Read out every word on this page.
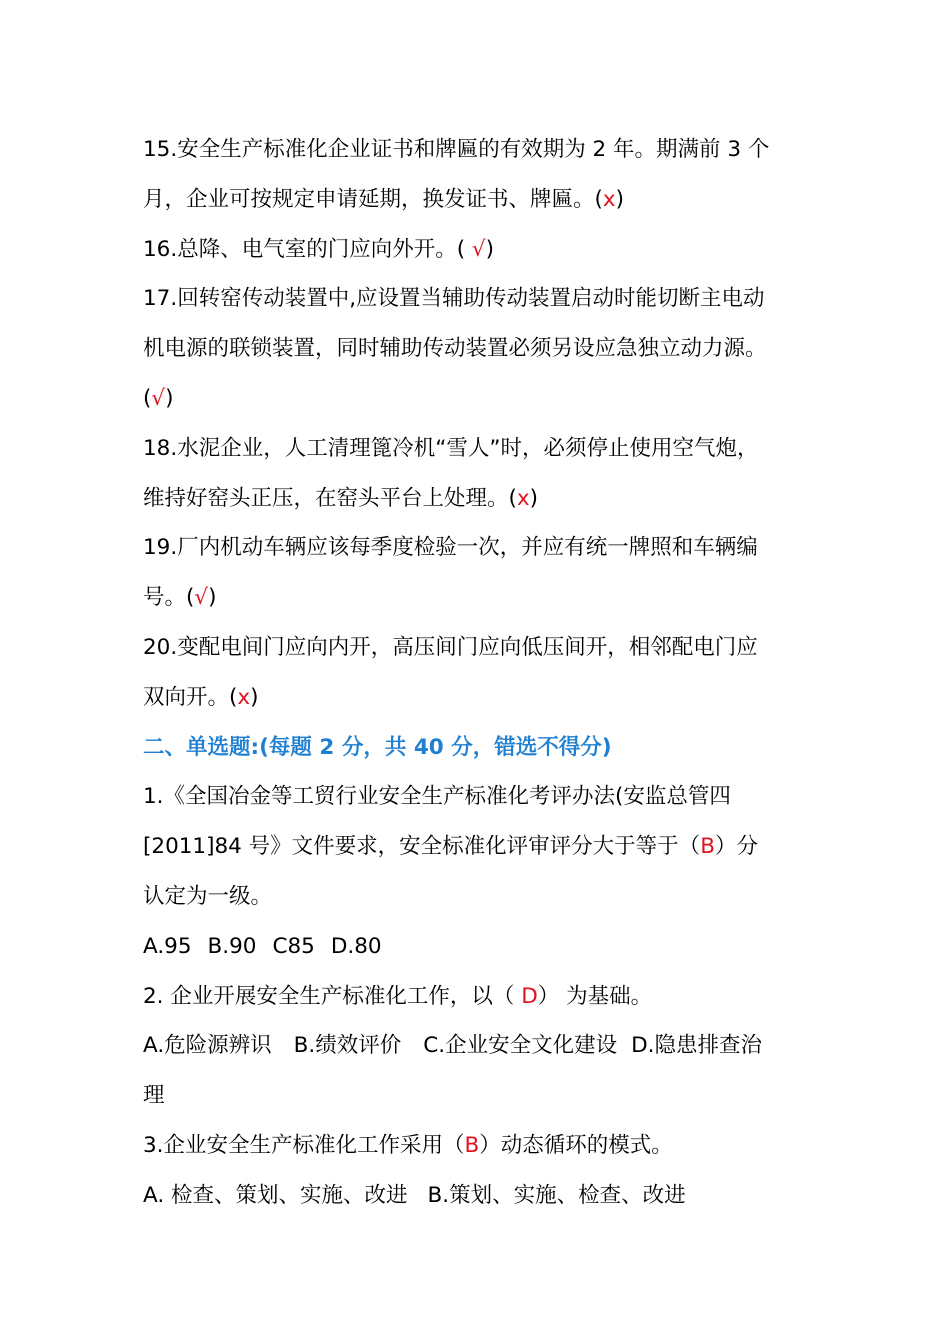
15.安全生产标准化企业证书和牌匾的有效期为 2 年。期满前 3 个
月，企业可按规定申请延期，换发证书、牌匾。(x)
16.总降、电气室的门应向外开。( √)
17.回转窑传动装置中,应设置当辅助传动装置启动时能切断主电动
机电源的联锁装置，同时辅助传动装置必须另设应急独立动力源。
(√)
18.水泥企业，人工清理篦冷机“雪人”时，必须停止使用空气炮，
维持好窑头正压，在窑头平台上处理。(x)
19.厂内机动车辆应该每季度检验一次，并应有统一牌照和车辆编
号。(√)
20.变配电间门应向内开，高压间门应向低压间开，相邻配电门应
双向开。(x)
二、单选题:(每题 2 分，共 40 分，错选不得分)
1.《全国冶金等工贸行业安全生产标准化考评办法(安监总管四
[2011]84 号》文件要求，安全标准化评审评分大于等于（B）分
认定为一级。
A.95 B.90 C85 D.80
2. 企业开展安全生产标准化工作，以（ D） 为基础。
A.危险源辨识 B.绩效评价 C.企业安全文化建设 D.隐患排查治
理
3.企业安全生产标准化工作采用（B）动态循环的模式。
A. 检查、策划、实施、改进 B.策划、实施、检查、改进
